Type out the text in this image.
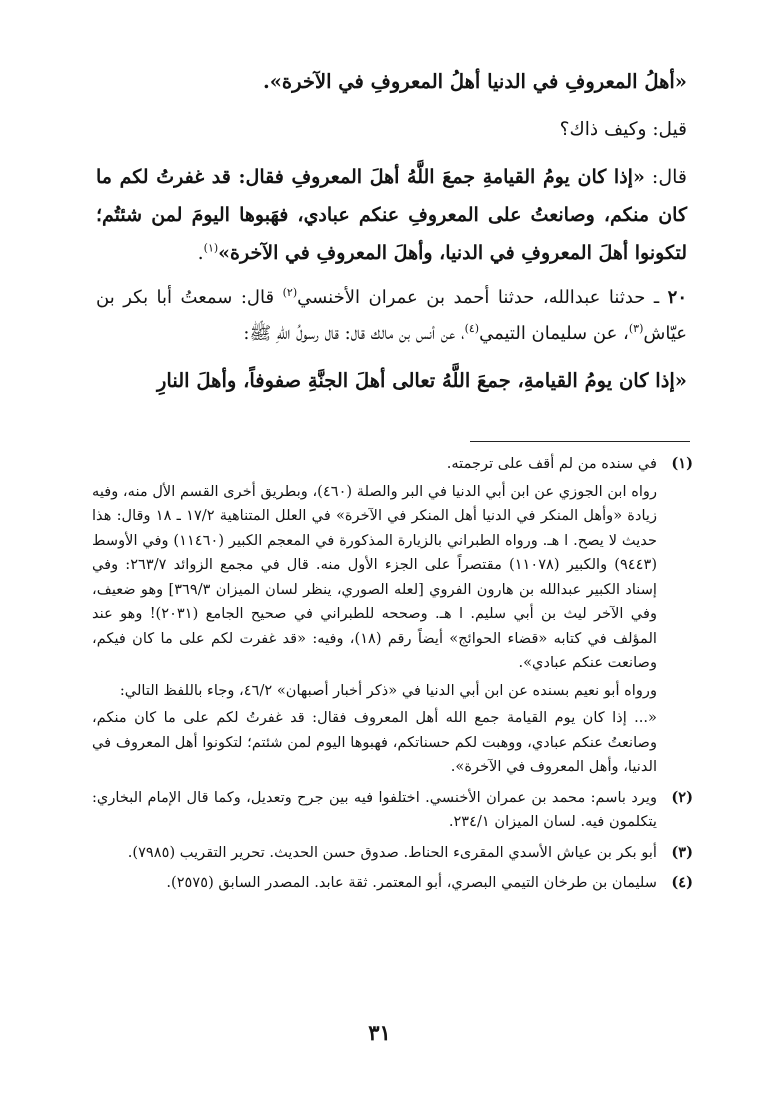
«أهلُ المعروفِ في الدنيا أهلُ المعروفِ في الآخرة».

قيل: وكيف ذاك؟

قال: «إذا كان يومُ القيامةِ جمعَ اللَّهُ أهلَ المعروفِ فقال: قد غفرتُ لكم ما كان منكم، وصانعتُ على المعروفِ عنكم عبادي، فهَبوها اليومَ لمن شئتُم؛ لتكونوا أهلَ المعروفِ في الدنيا، وأهلَ المعروفِ في الآخرة»$^{(١)}$.

٢٠ ـ حدثنا عبدالله، حدثنا أحمد بن عمران الأخنسي$^{(٢)}$ قال: سمعتُ أبا بكر بن عيّاش$^{(٣)}$، عن سليمان التيمي$^{(٤)}$، عن أنس بن مالك قال: قال رسولُ اللّهِ ﷺ:

«إذا كان يومُ القيامةِ، جمعَ اللَّهُ تعالى أهلَ الجنَّةِ صفوفاً، وأهلَ النارِ

(١)

في سنده من لم أقف على ترجمته.

رواه ابن الجوزي عن ابن أبي الدنيا في البر والصلة (٤٦٠)، وبطريق أخرى القسم الأل منه، وفيه زيادة «وأهل المنكر في الدنيا أهل المنكر في الآخرة» في العلل المتناهية ١٧/٢ ـ ١٨ وقال: هذا حديث لا يصح. ا هـ. ورواه الطبراني بالزيارة المذكورة في المعجم الكبير (١١٤٦٠) وفي الأوسط (٩٤٤٣) والكبير (١١٠٧٨) مقتصراً على الجزء الأول منه. قال في مجمع الزوائد ٢٦٣/٧: وفي إسناد الكبير عبدالله بن هارون الفروي [لعله الصوري، ينظر لسان الميزان ٣٦٩/٣] وهو ضعيف، وفي الآخر ليث بن أبي سليم. ا هـ. وصححه للطبراني في صحيح الجامع (٢٠٣١)! وهو عند المؤلف في كتابه «قضاء الحوائج» أيضاً رقم (١٨)، وفيه: «قد غفرت لكم على ما كان فيكم، وصانعت عنكم عبادي».

ورواه أبو نعيم بسنده عن ابن أبي الدنيا في «ذكر أخبار أصبهان» ٤٦/٢، وجاء باللفظ التالي:

«... إذا كان يوم القيامة جمع الله أهل المعروف فقال: قد غفرتُ لكم على ما كان منكم، وصانعتُ عنكم عبادي، ووهبت لكم حسناتكم، فهبوها اليوم لمن شئتم؛ لتكونوا أهل المعروف في الدنيا، وأهل المعروف في الآخرة».

(٢)

ويرد باسم: محمد بن عمران الأخنسي. اختلفوا فيه بين جرح وتعديل، وكما قال الإمام البخاري: يتكلمون فيه. لسان الميزان ٢٣٤/١.

(٣)

أبو بكر بن عياش الأسدي المقرىء الحناط. صدوق حسن الحديث. تحرير التقريب (٧٩٨٥).

(٤)

سليمان بن طرخان التيمي البصري، أبو المعتمر. ثقة عابد. المصدر السابق (٢٥٧٥).

٣١
